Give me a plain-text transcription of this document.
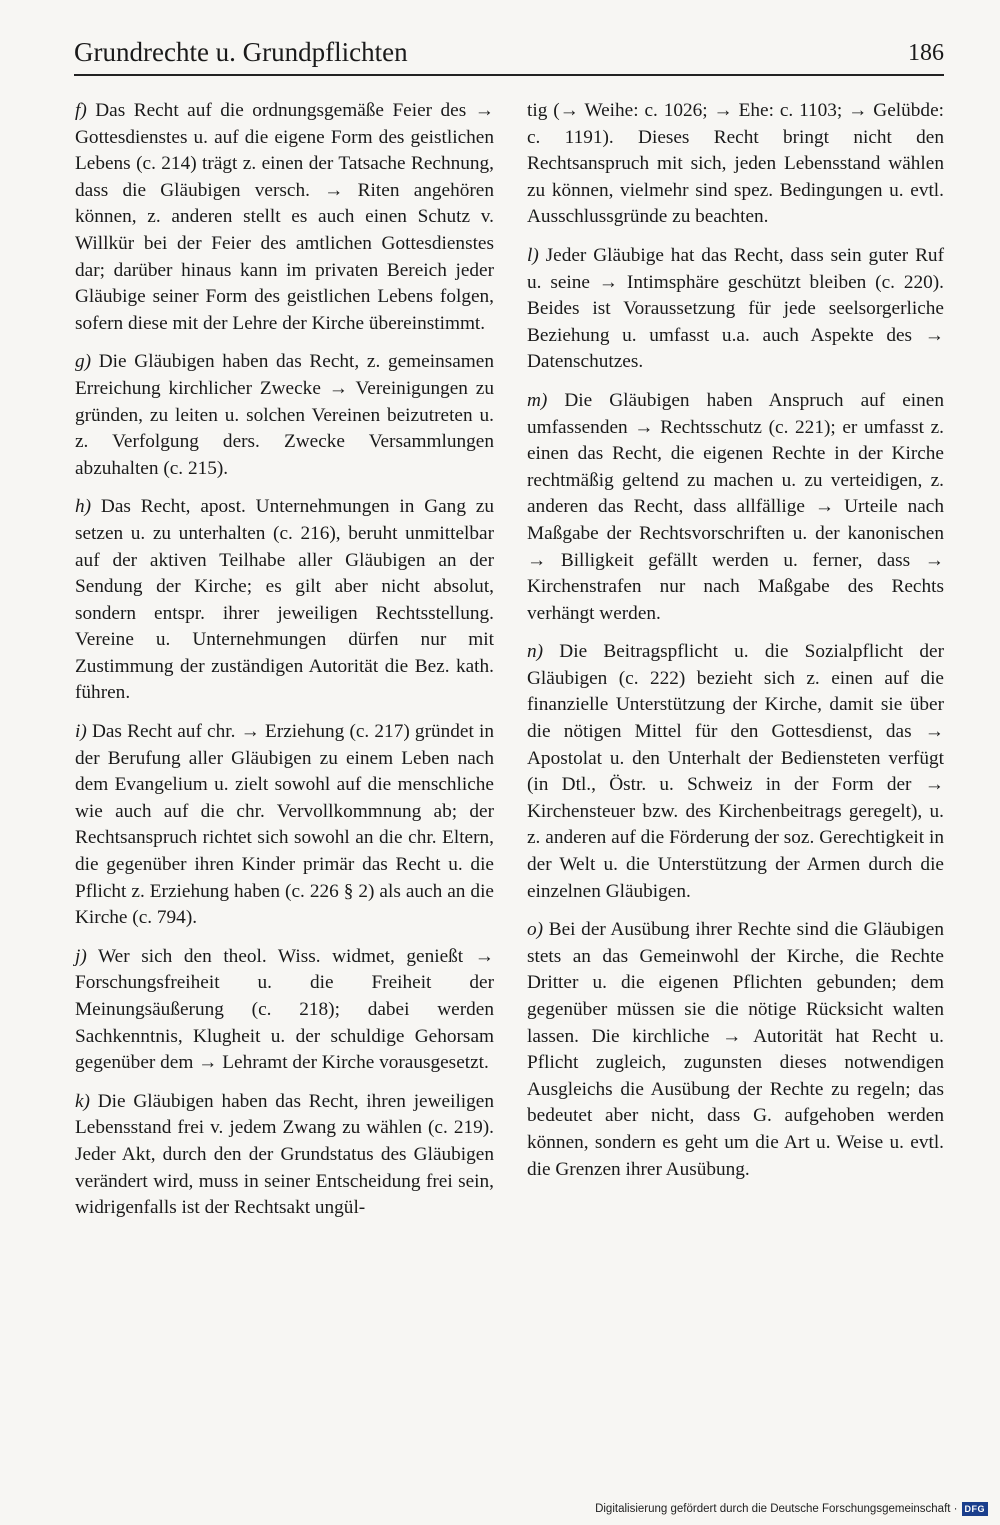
Grundrechte u. Grundpflichten	186

f) Das Recht auf die ordnungsgemäße Feier des → Gottesdienstes u. auf die eigene Form des geistlichen Lebens (c. 214) trägt z. einen der Tatsache Rechnung, dass die Gläubigen versch. → Riten angehören können, z. anderen stellt es auch einen Schutz v. Willkür bei der Feier des amtlichen Gottesdienstes dar; darüber hinaus kann im privaten Bereich jeder Gläubige seiner Form des geistlichen Lebens folgen, sofern diese mit der Lehre der Kirche übereinstimmt.

g) Die Gläubigen haben das Recht, z. gemeinsamen Erreichung kirchlicher Zwecke → Vereinigungen zu gründen, zu leiten u. solchen Vereinen beizutreten u. z. Verfolgung ders. Zwecke Versammlungen abzuhalten (c. 215).

h) Das Recht, apost. Unternehmungen in Gang zu setzen u. zu unterhalten (c. 216), beruht unmittelbar auf der aktiven Teilhabe aller Gläubigen an der Sendung der Kirche; es gilt aber nicht absolut, sondern entspr. ihrer jeweiligen Rechtsstellung. Vereine u. Unternehmungen dürfen nur mit Zustimmung der zuständigen Autorität die Bez. kath. führen.

i) Das Recht auf chr. → Erziehung (c. 217) gründet in der Berufung aller Gläubigen zu einem Leben nach dem Evangelium u. zielt sowohl auf die menschliche wie auch auf die chr. Vervollkommnung ab; der Rechtsanspruch richtet sich sowohl an die chr. Eltern, die gegenüber ihren Kinder primär das Recht u. die Pflicht z. Erziehung haben (c. 226 § 2) als auch an die Kirche (c. 794).

j) Wer sich den theol. Wiss. widmet, genießt → Forschungsfreiheit u. die Freiheit der Meinungsäußerung (c. 218); dabei werden Sachkenntnis, Klugheit u. der schuldige Gehorsam gegenüber dem → Lehramt der Kirche vorausgesetzt.

k) Die Gläubigen haben das Recht, ihren jeweiligen Lebensstand frei v. jedem Zwang zu wählen (c. 219). Jeder Akt, durch den der Grundstatus des Gläubigen verändert wird, muss in seiner Entscheidung frei sein, widrigenfalls ist der Rechtsakt ungül-

tig (→ Weihe: c. 1026; → Ehe: c. 1103; → Gelübde: c. 1191). Dieses Recht bringt nicht den Rechtsanspruch mit sich, jeden Lebensstand wählen zu können, vielmehr sind spez. Bedingungen u. evtl. Ausschlussgründe zu beachten.

l) Jeder Gläubige hat das Recht, dass sein guter Ruf u. seine → Intimsphäre geschützt bleiben (c. 220). Beides ist Voraussetzung für jede seelsorgerliche Beziehung u. umfasst u.a. auch Aspekte des → Datenschutzes.

m) Die Gläubigen haben Anspruch auf einen umfassenden → Rechtsschutz (c. 221); er umfasst z. einen das Recht, die eigenen Rechte in der Kirche rechtmäßig geltend zu machen u. zu verteidigen, z. anderen das Recht, dass allfällige → Urteile nach Maßgabe der Rechtsvorschriften u. der kanonischen → Billigkeit gefällt werden u. ferner, dass → Kirchenstrafen nur nach Maßgabe des Rechts verhängt werden.

n) Die Beitragspflicht u. die Sozialpflicht der Gläubigen (c. 222) bezieht sich z. einen auf die finanzielle Unterstützung der Kirche, damit sie über die nötigen Mittel für den Gottesdienst, das → Apostolat u. den Unterhalt der Bediensteten verfügt (in Dtl., Östr. u. Schweiz in der Form der → Kirchensteuer bzw. des Kirchenbeitrags geregelt), u. z. anderen auf die Förderung der soz. Gerechtigkeit in der Welt u. die Unterstützung der Armen durch die einzelnen Gläubigen.

o) Bei der Ausübung ihrer Rechte sind die Gläubigen stets an das Gemeinwohl der Kirche, die Rechte Dritter u. die eigenen Pflichten gebunden; dem gegenüber müssen sie die nötige Rücksicht walten lassen. Die kirchliche → Autorität hat Recht u. Pflicht zugleich, zugunsten dieses notwendigen Ausgleichs die Ausübung der Rechte zu regeln; das bedeutet aber nicht, dass G. aufgehoben werden können, sondern es geht um die Art u. Weise u. evtl. die Grenzen ihrer Ausübung.

Digitalisierung gefördert durch die Deutsche Forschungsgemeinschaft · DFG
